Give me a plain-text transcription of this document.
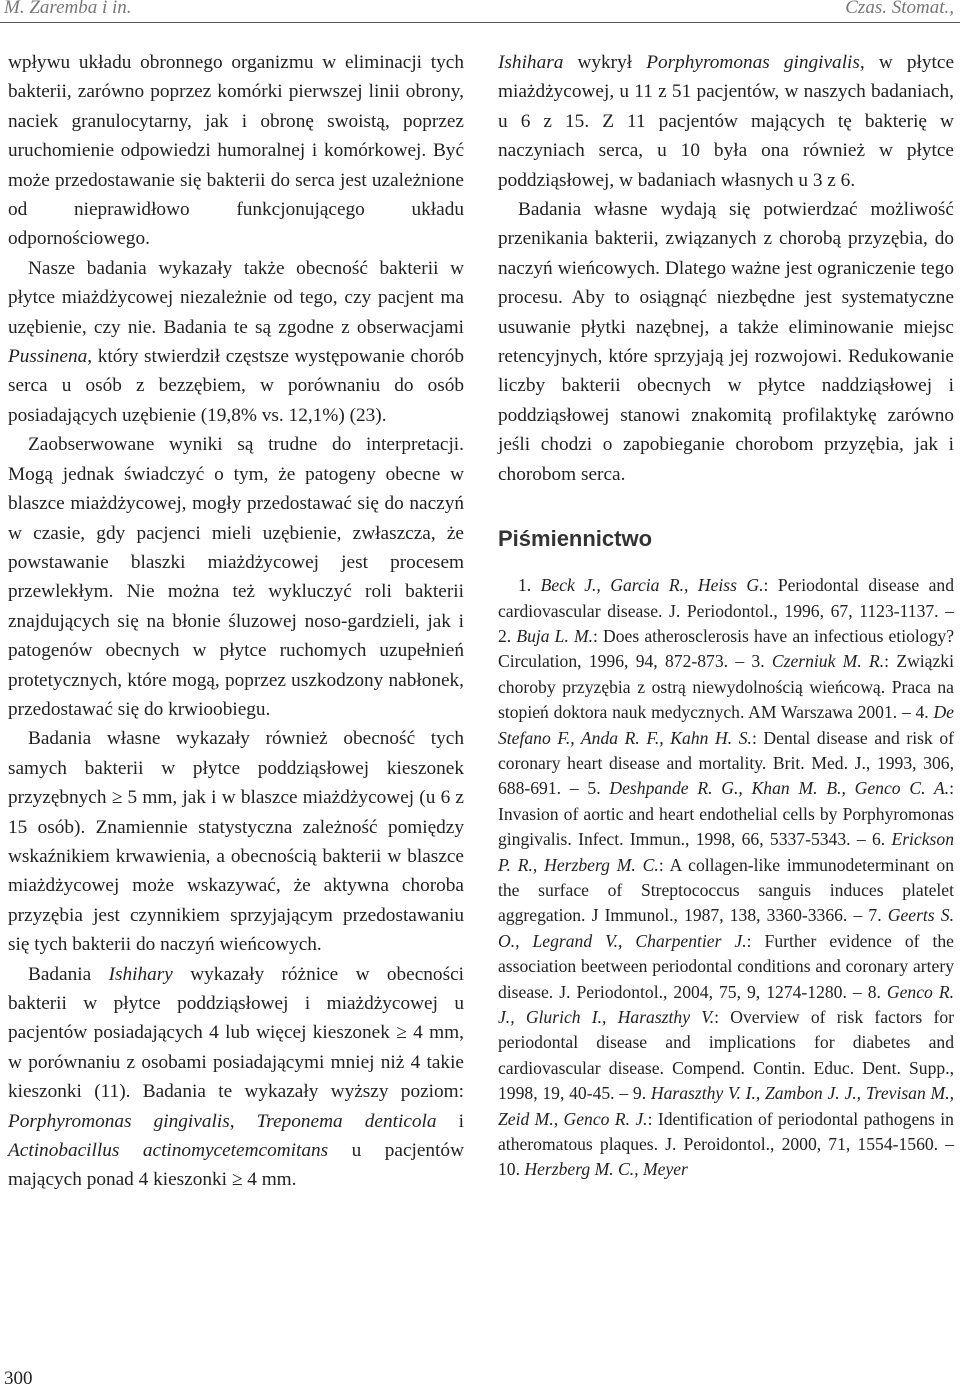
M. Zaremba i in.	Czas. Stomat.,

wpływu układu obronnego organizmu w eliminacji tych bakterii, zarówno poprzez komórki pierwszej linii obrony, naciek granulocytarny, jak i obronę swoistą, poprzez uruchomienie odpowiedzi humoralnej i komórkowej. Być może przedostawanie się bakterii do serca jest uzależnione od nieprawidłowo funkcjonującego układu odpornościowego.

Nasze badania wykazały także obecność bakterii w płytce miażdżycowej niezależnie od tego, czy pacjent ma uzębienie, czy nie. Badania te są zgodne z obserwacjami Pussinena, który stwierdził częstsze występowanie chorób serca u osób z bezzębiem, w porównaniu do osób posiadających uzębienie (19,8% vs. 12,1%) (23).

Zaobserwowane wyniki są trudne do interpretacji. Mogą jednak świadczyć o tym, że patogeny obecne w blaszce miażdżycowej, mogły przedostawać się do naczyń w czasie, gdy pacjenci mieli uzębienie, zwłaszcza, że powstawanie blaszki miażdżycowej jest procesem przewlekłym. Nie można też wykluczyć roli bakterii znajdujących się na błonie śluzowej noso-gardzieli, jak i patogenów obecnych w płytce ruchomych uzupełnień protetycznych, które mogą, poprzez uszkodzony nabłonek, przedostawać się do krwioobiegu.

Badania własne wykazały również obecność tych samych bakterii w płytce poddziąsłowej kieszonek przyzębnych ≥ 5 mm, jak i w blaszce miażdżycowej (u 6 z 15 osób). Znamiennie statystyczna zależność pomiędzy wskaźnikiem krwawienia, a obecnością bakterii w blaszce miażdżycowej może wskazywać, że aktywna choroba przyzębia jest czynnikiem sprzyjającym przedostawaniu się tych bakterii do naczyń wieńcowych.

Badania Ishihary wykazały różnice w obecności bakterii w płytce poddziąsłowej i miażdżycowej u pacjentów posiadających 4 lub więcej kieszonek ≥ 4 mm, w porównaniu z osobami posiadającymi mniej niż 4 takie kieszonki (11). Badania te wykazały wyższy poziom: Porphyromonas gingivalis, Treponema denticola i Actinobacillus actinomycetemcomitans u pacjentów mających ponad 4 kieszonki ≥ 4 mm.

Ishihara wykrył Porphyromonas gingivalis, w płytce miażdżycowej, u 11 z 51 pacjentów, w naszych badaniach, u 6 z 15. Z 11 pacjentów mających tę bakterię w naczyniach serca, u 10 była ona również w płytce poddziąsłowej, w badaniach własnych u 3 z 6.

Badania własne wydają się potwierdzać możliwość przenikania bakterii, związanych z chorobą przyzębia, do naczyń wieńcowych. Dlatego ważne jest ograniczenie tego procesu. Aby to osiągnąć niezbędne jest systematyczne usuwanie płytki nazębnej, a także eliminowanie miejsc retencyjnych, które sprzyjają jej rozwojowi. Redukowanie liczby bakterii obecnych w płytce naddziąsłowej i poddziąsłowej stanowi znakomitą profilaktykę zarówno jeśli chodzi o zapobieganie chorobom przyzębia, jak i chorobom serca.

Piśmiennictwo

1. Beck J., Garcia R., Heiss G.: Periodontal disease and cardiovascular disease. J. Periodontol., 1996, 67, 1123-1137. – 2. Buja L. M.: Does atherosclerosis have an infectious etiology? Circulation, 1996, 94, 872-873. – 3. Czerniuk M. R.: Związki choroby przyzębia z ostrą niewydolnością wieńcową. Praca na stopień doktora nauk medycznych. AM Warszawa 2001. – 4. De Stefano F., Anda R. F., Kahn H. S.: Dental disease and risk of coronary heart disease and mortality. Brit. Med. J., 1993, 306, 688-691. – 5. Deshpande R. G., Khan M. B., Genco C. A.: Invasion of aortic and heart endothelial cells by Porphyromonas gingivalis. Infect. Immun., 1998, 66, 5337-5343. – 6. Erickson P. R., Herzberg M. C.: A collagen-like immunodeterminant on the surface of Streptococcus sanguis induces platelet aggregation. J Immunol., 1987, 138, 3360-3366. – 7. Geerts S. O., Legrand V., Charpentier J.: Further evidence of the association beetween periodontal conditions and coronary artery disease. J. Periodontol., 2004, 75, 9, 1274-1280. – 8. Genco R. J., Glurich I., Haraszthy V.: Overview of risk factors for periodontal disease and implications for diabetes and cardiovascular disease. Compend. Contin. Educ. Dent. Supp., 1998, 19, 40-45. – 9. Haraszthy V. I., Zambon J. J., Trevisan M., Zeid M., Genco R. J.: Identification of periodontal pathogens in atheromatous plaques. J. Peroidontol., 2000, 71, 1554-1560. – 10. Herzberg M. C., Meyer

300
